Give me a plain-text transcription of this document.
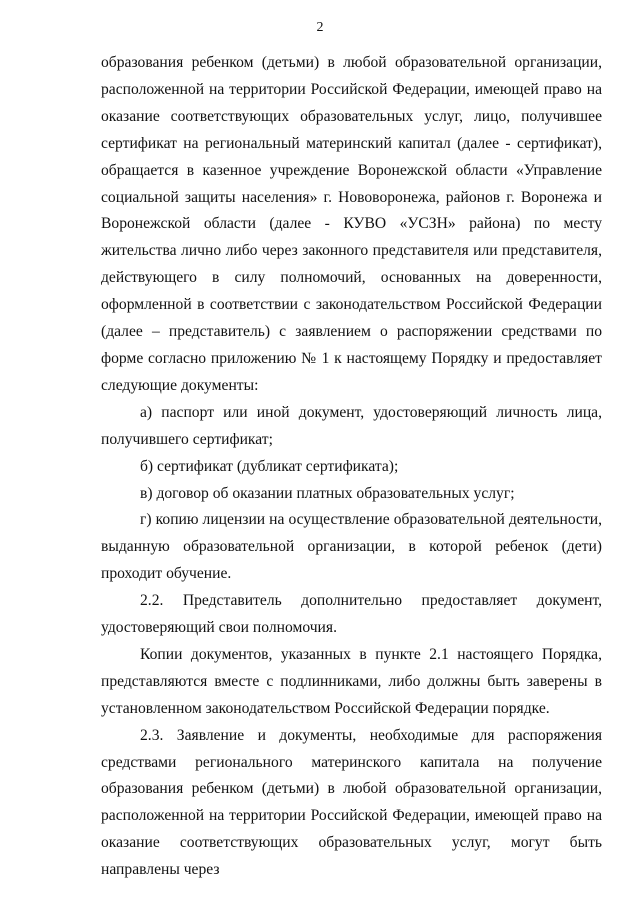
2

образования ребенком (детьми) в любой образовательной организации, расположенной на территории Российской Федерации, имеющей право на оказание соответствующих образовательных услуг, лицо, получившее сертификат на региональный материнский капитал (далее - сертификат), обращается в казенное учреждение Воронежской области «Управление социальной защиты населения» г. Нововоронежа, районов г. Воронежа и Воронежской области (далее - КУВО «УСЗН» района) по месту жительства лично либо через законного представителя или представителя, действующего в силу полномочий, основанных на доверенности, оформленной в соответствии с законодательством Российской Федерации (далее – представитель) с заявлением о распоряжении средствами по форме согласно приложению № 1 к настоящему Порядку и предоставляет следующие документы:

а) паспорт или иной документ, удостоверяющий личность лица, получившего сертификат;

б) сертификат (дубликат сертификата);

в) договор об оказании платных образовательных услуг;

г) копию лицензии на осуществление образовательной деятельности, выданную образовательной организации, в которой ребенок (дети) проходит обучение.

2.2. Представитель дополнительно предоставляет документ, удостоверяющий свои полномочия.

Копии документов, указанных в пункте 2.1 настоящего Порядка, представляются вместе с подлинниками, либо должны быть заверены в установленном законодательством Российской Федерации порядке.

2.3. Заявление и документы, необходимые для распоряжения средствами регионального материнского капитала на получение образования ребенком (детьми) в любой образовательной организации, расположенной на территории Российской Федерации, имеющей право на оказание соответствующих образовательных услуг, могут быть направлены через
